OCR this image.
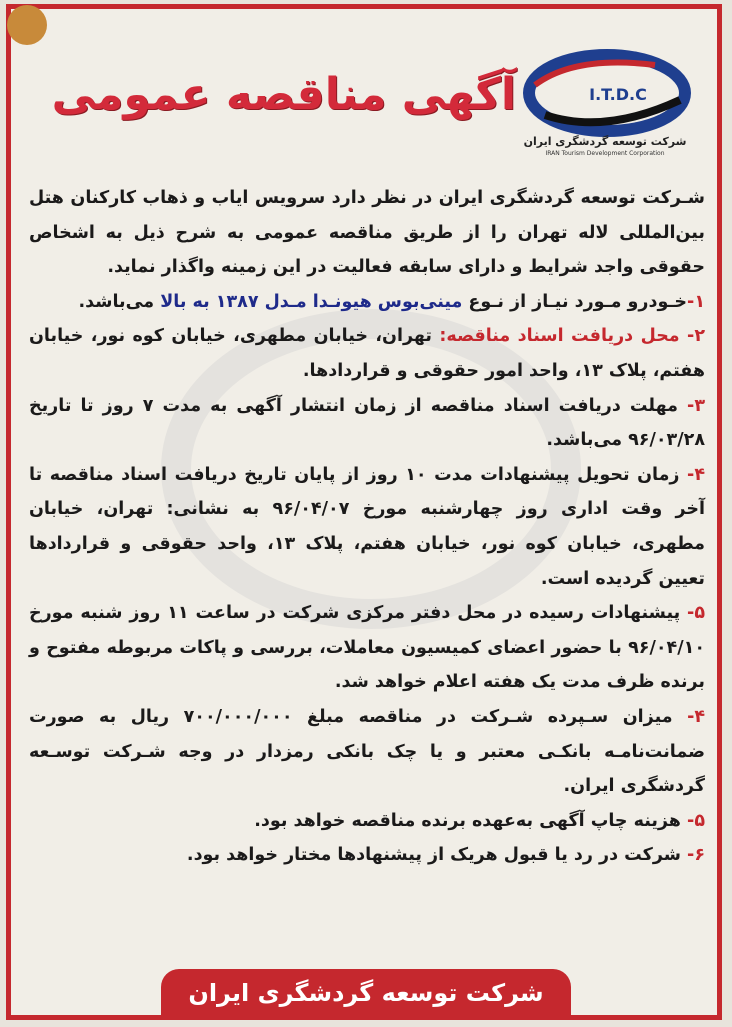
آگهی مناقصه عمومی	I.T.D.C
شرکت توسعه گردشگری ایران
IRAN Tourism Development Corporation

شـرکت توسعه گردشگری ایران در نظر دارد سرویس ایاب و ذهاب کارکنان هتل بین‌المللی لاله تهران را از طریق مناقصه عمومی به شرح ذیل به اشخاص حقوقی واجد شرایط و دارای سابقه فعالیت در این زمینه واگذار نماید.

۱-خـودرو مـورد نیـاز از نـوع مینی‌بوس هیونـدا مـدل ۱۳۸۷ به بالا می‌باشد.

۲- محل دریافت اسناد مناقصه: تهران، خیابان مطهری، خیابان کوه نور، خیابان هفتم، پلاک ۱۳، واحد امور حقوقی و قراردادها.

۳- مهلت دریافت اسناد مناقصه از زمان انتشار آگهی به مدت ۷ روز تا تاریخ ۹۶/۰۳/۲۸ می‌باشد.

۴- زمان تحویل پیشنهادات مدت ۱۰ روز از پایان تاریخ دریافت اسناد مناقصه تا آخر وقت اداری روز چهارشنبه مورخ ۹۶/۰۴/۰۷ به نشانی: تهران، خیابان مطهری، خیابان کوه نور، خیابان هفتم، پلاک ۱۳، واحد حقوقی و قراردادها تعیین گردیده است.

۵- پیشنهادات رسیده در محل دفتر مرکزی شرکت در ساعت ۱۱ روز شنبه مورخ ۹۶/۰۴/۱۰ با حضور اعضای کمیسیون معاملات، بررسی و پاکات مربوطه مفتوح و برنده ظرف مدت یک هفته اعلام خواهد شد.

۴- میزان سـپرده شـرکت در مناقصه مبلغ ۷۰۰/۰۰۰/۰۰۰ ریال به صورت ضمانت‌نامـه بانکـی معتبر و یا چک بانکی رمزدار در وجه شـرکت توسـعه گردشگری ایران.

۵- هزینه چاپ آگهی به‌عهده برنده مناقصه خواهد بود.

۶- شرکت در رد یا قبول هریک از پیشنهادها مختار خواهد بود.

شرکت توسعه گردشگری ایران
